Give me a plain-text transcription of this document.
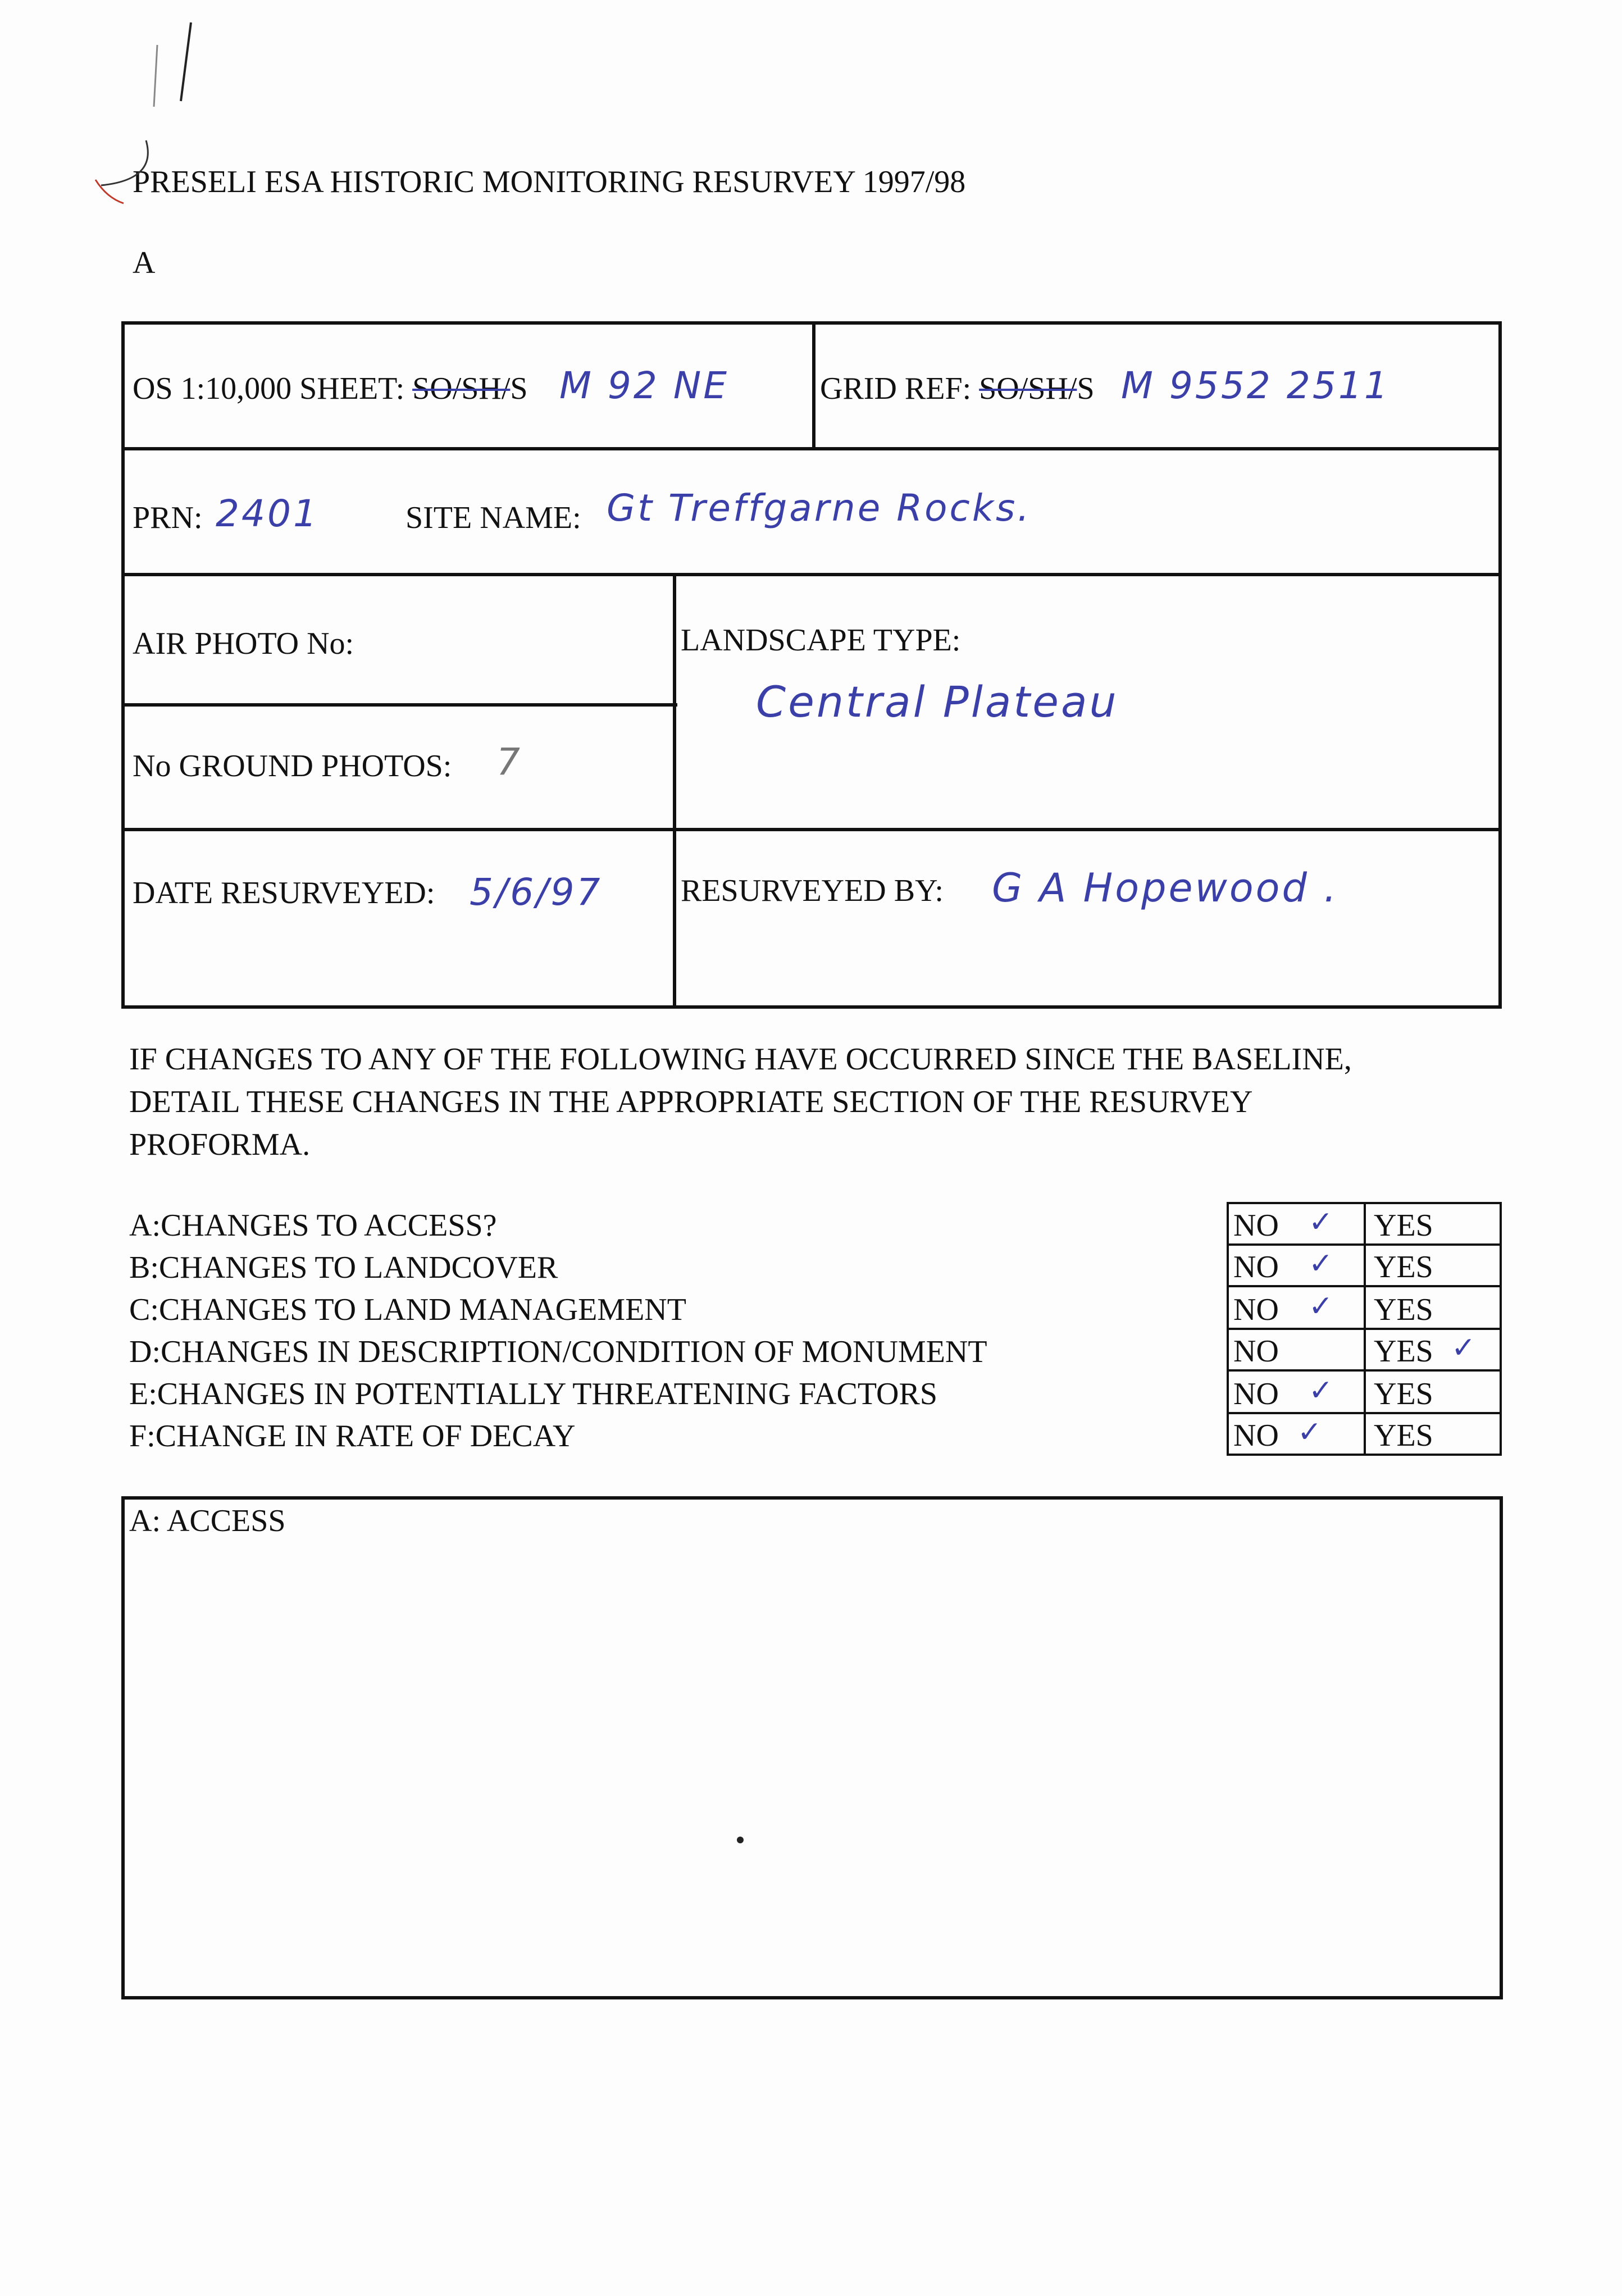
PRESELI ESA HISTORIC MONITORING RESURVEY 1997/98
A
OS 1:10,000 SHEET: SO/SH/S M 92 NE	GRID REF: SO/SH/S M 9552 2511
PRN: 2401	SITE NAME: Gt Treffgarne Rocks.
AIR PHOTO No:
No GROUND PHOTOS: 7
LANDSCAPE TYPE:
Central Plateau
DATE RESURVEYED: 5/6/97 RESURVEYED BY: G A Hopewood .
IF CHANGES TO ANY OF THE FOLLOWING HAVE OCCURRED SINCE THE BASELINE,
DETAIL THESE CHANGES IN THE APPROPRIATE SECTION OF THE RESURVEY
PROFORMA.
A:CHANGES TO ACCESS?
B:CHANGES TO LANDCOVER
C:CHANGES TO LAND MANAGEMENT
D:CHANGES IN DESCRIPTION/CONDITION OF MONUMENT
E:CHANGES IN POTENTIALLY THREATENING FACTORS
F:CHANGE IN RATE OF DECAY
NO ✓ YES
NO ✓ YES
NO ✓ YES
NO	YES ✓
NO ✓ YES
NO ✓ YES
A: ACCESS
